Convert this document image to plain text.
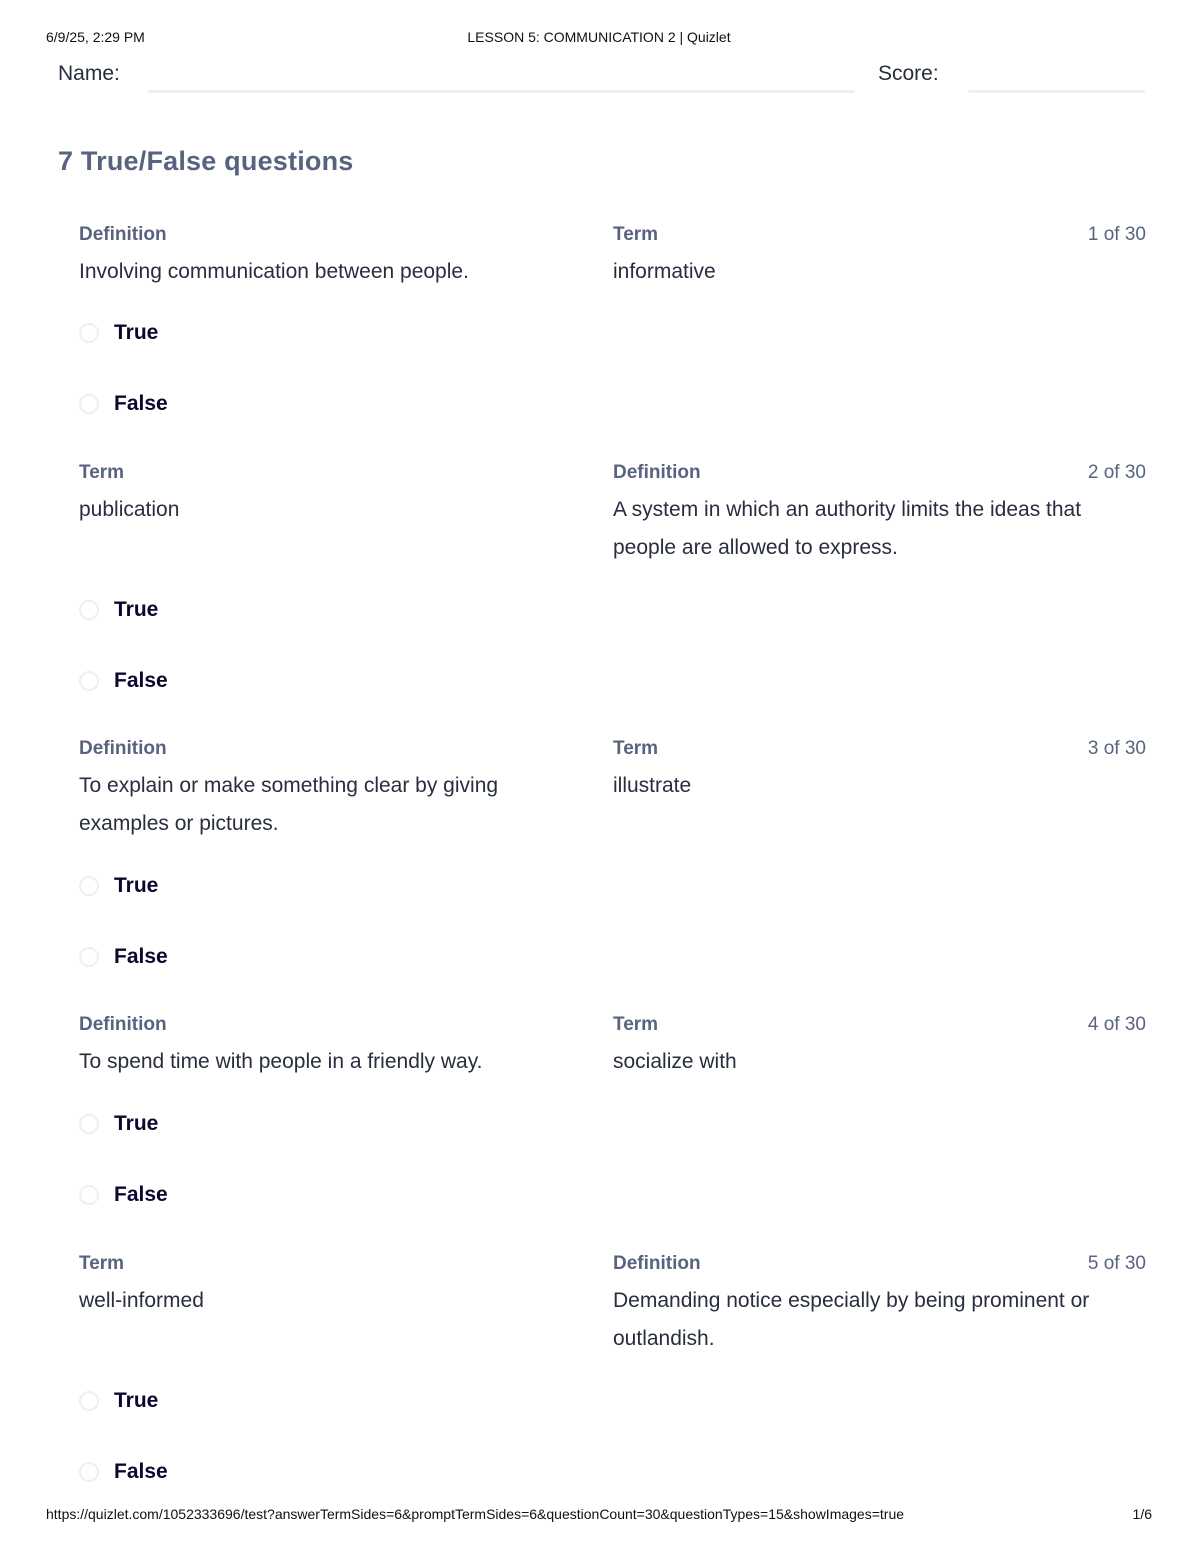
6/9/25, 2:29 PM	LESSON 5: COMMUNICATION 2 | Quizlet
Name:	Score:
7 True/False questions
Definition
Involving communication between people.
Term
informative
1 of 30
True
False
Term
publication
Definition
A system in which an authority limits the ideas that people are allowed to express.
2 of 30
True
False
Definition
To explain or make something clear by giving examples or pictures.
Term
illustrate
3 of 30
True
False
Definition
To spend time with people in a friendly way.
Term
socialize with
4 of 30
True
False
Term
well-informed
Definition
Demanding notice especially by being prominent or outlandish.
5 of 30
True
False
https://quizlet.com/1052333696/test?answerTermSides=6&promptTermSides=6&questionCount=30&questionTypes=15&showImages=true	1/6
